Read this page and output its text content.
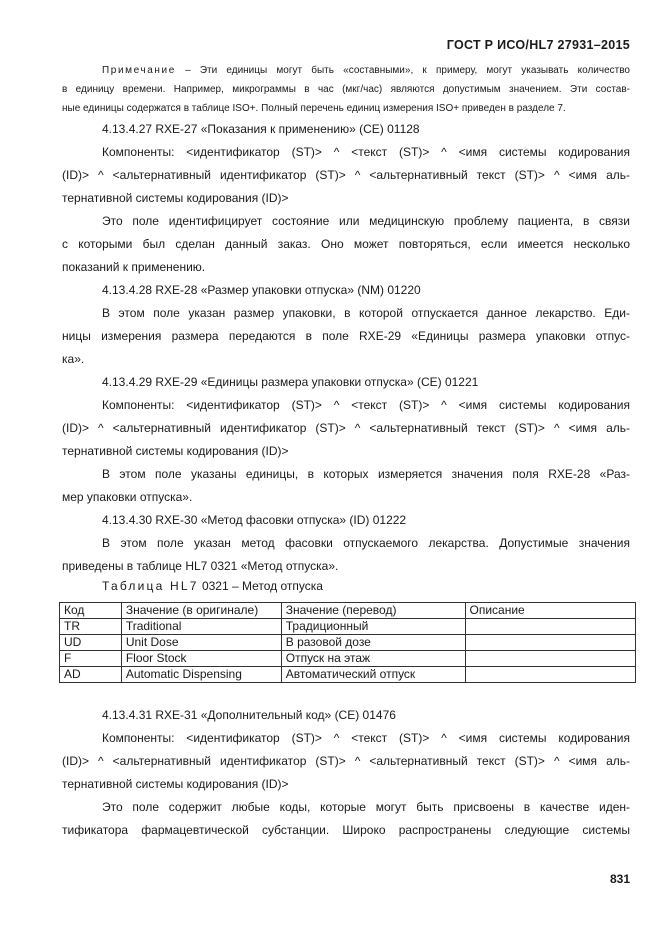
ГОСТ Р ИСО/HL7 27931–2015
Примечание – Эти единицы могут быть «составными», к примеру, могут указывать количество
в единицу времени. Например, микрограммы в час (мкг/час) являются допустимым значением. Эти состав-
ные единицы содержатся в таблице ISO+. Полный перечень единиц измерения ISO+ приведен в разделе 7.
4.13.4.27 RXE-27 «Показания к применению» (CE) 01128
Компоненты: <идентификатор (ST)> ^ <текст (ST)> ^ <имя системы кодирования
(ID)> ^ <альтернативный идентификатор (ST)> ^ <альтернативный текст (ST)> ^ <имя аль-
тернативной системы кодирования (ID)>
Это поле идентифицирует состояние или медицинскую проблему пациента, в связи
с которыми был сделан данный заказ. Оно может повторяться, если имеется несколько
показаний к применению.
4.13.4.28 RXE-28 «Размер упаковки отпуска» (NM) 01220
В этом поле указан размер упаковки, в которой отпускается данное лекарство. Еди-
ницы измерения размера передаются в поле RXE-29 «Единицы размера упаковки отпус-
ка».
4.13.4.29 RXE-29 «Единицы размера упаковки отпуска» (CE) 01221
Компоненты: <идентификатор (ST)> ^ <текст (ST)> ^ <имя системы кодирования
(ID)> ^ <альтернативный идентификатор (ST)> ^ <альтернативный текст (ST)> ^ <имя аль-
тернативной системы кодирования (ID)>
В этом поле указаны единицы, в которых измеряется значения поля RXE-28 «Раз-
мер упаковки отпуска».
4.13.4.30 RXE-30 «Метод фасовки отпуска» (ID) 01222
В этом поле указан метод фасовки отпускаемого лекарства. Допустимые значения
приведены в таблице HL7 0321 «Метод отпуска».
Таблица HL7 0321 – Метод отпуска
Код	Значение (в оригинале)	Значение (перевод)	Описание
TR	Traditional	Традиционный	
UD	Unit Dose	В разовой дозе	
F	Floor Stock	Отпуск на этаж	
AD	Automatic Dispensing	Автоматический отпуск	
4.13.4.31 RXE-31 «Дополнительный код» (CE) 01476
Компоненты: <идентификатор (ST)> ^ <текст (ST)> ^ <имя системы кодирования
(ID)> ^ <альтернативный идентификатор (ST)> ^ <альтернативный текст (ST)> ^ <имя аль-
тернативной системы кодирования (ID)>
Это поле содержит любые коды, которые могут быть присвоены в качестве иден-
тификатора фармацевтической субстанции. Широко распространены следующие системы
831
